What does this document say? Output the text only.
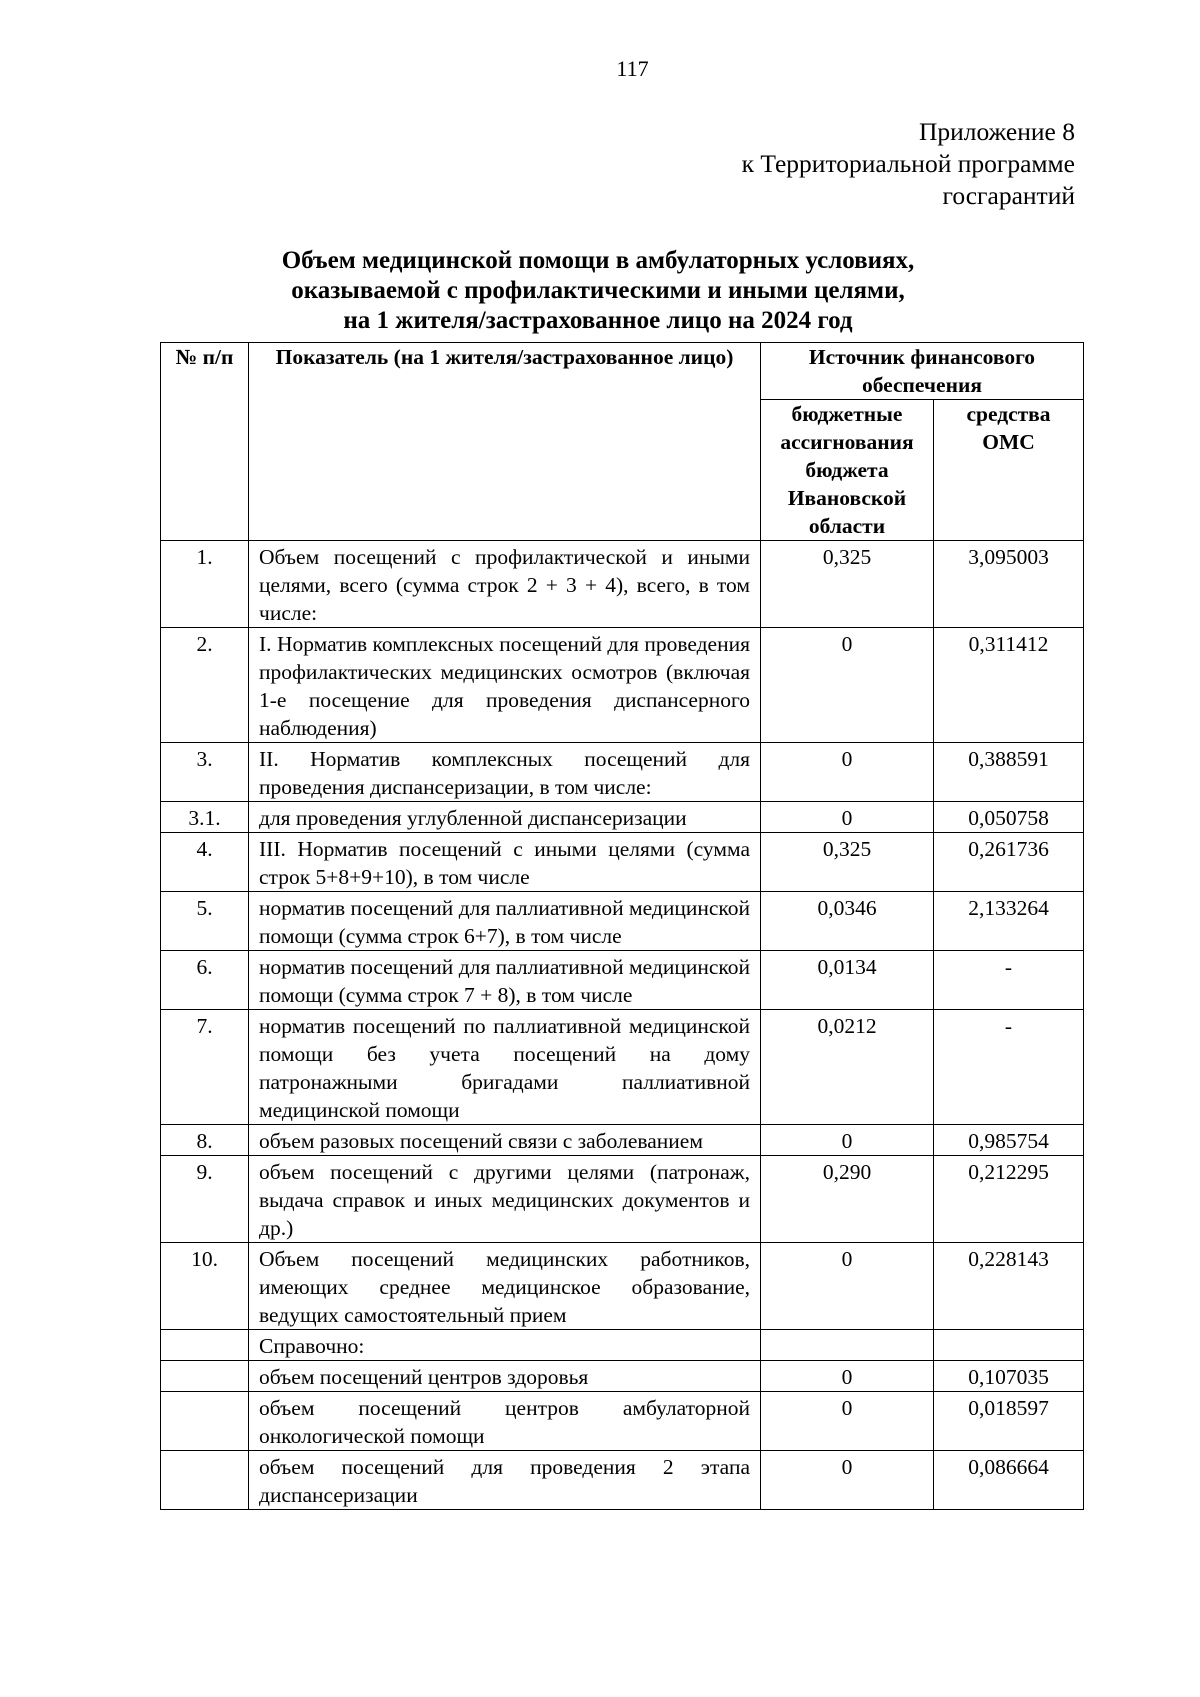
117
Приложение 8
к Территориальной программе
госгарантий
Объем медицинской помощи в амбулаторных условиях,
оказываемой с профилактическими и иными целями,
на 1 жителя/застрахованное лицо на 2024 год
№ п/п	Показатель (на 1 жителя/застрахованное лицо)	Источник финансового обеспечения	
		бюджетные ассигнования бюджета Ивановской области	средства ОМС
1.	Объем посещений с профилактической и иными целями, всего (сумма строк 2 + 3 + 4), всего, в том числе:	0,325	3,095003
2.	I. Норматив комплексных посещений для проведения профилактических медицинских осмотров (включая 1-е посещение для проведения диспансерного наблюдения)	0	0,311412
3.	II. Норматив комплексных посещений для проведения диспансеризации, в том числе:	0	0,388591
3.1.	для проведения углубленной диспансеризации	0	0,050758
4.	III. Норматив посещений с иными целями (сумма строк 5+8+9+10), в том числе	0,325	0,261736
5.	норматив посещений для паллиативной медицинской помощи (сумма строк 6+7), в том числе	0,0346	2,133264
6.	норматив посещений для паллиативной медицинской помощи (сумма строк 7 + 8), в том числе	0,0134	-
7.	норматив посещений по паллиативной медицинской помощи без учета посещений на дому патронажными бригадами паллиативной медицинской помощи	0,0212	-
8.	объем разовых посещений связи с заболеванием	0	0,985754
9.	объем посещений с другими целями (патронаж, выдача справок и иных медицинских документов и др.)	0,290	0,212295
10.	Объем посещений медицинских работников, имеющих среднее медицинское образование, ведущих самостоятельный прием	0	0,228143
	Справочно:		
	объем посещений центров здоровья	0	0,107035
	объем посещений центров амбулаторной онкологической помощи	0	0,018597
	объем посещений для проведения 2 этапа диспансеризации	0	0,086664
